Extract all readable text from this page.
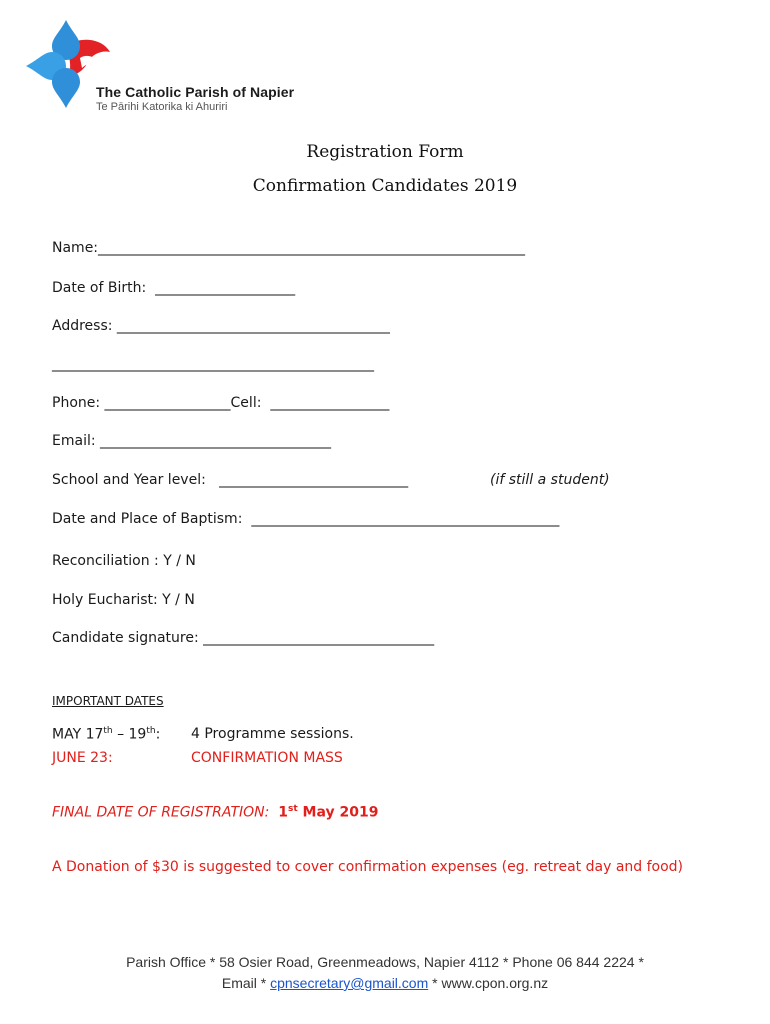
The Catholic Parish of Napier
Te Pārihi Katorika ki Ahuriri
Registration Form
Confirmation Candidates 2019
Name:_____________________________________________________________
Date of Birth:  ____________________
Address: _______________________________________
______________________________________________
Phone: __________________Cell:  _________________
Email: _________________________________
School and Year level:   ___________________________	(if still a student)
Date and Place of Baptism:  ____________________________________________
Reconciliation : Y / N
Holy Eucharist: Y / N
Candidate signature: _________________________________
IMPORTANT DATES
MAY 17th – 19th: 4 Programme sessions.
JUNE 23:	CONFIRMATION MASS
FINAL DATE OF REGISTRATION: 1st May 2019
A Donation of $30 is suggested to cover confirmation expenses (eg. retreat day and food)
Parish Office * 58 Osier Road, Greenmeadows, Napier 4112 * Phone 06 844 2224 *
Email * cpnsecretary@gmail.com * www.cpon.org.nz
